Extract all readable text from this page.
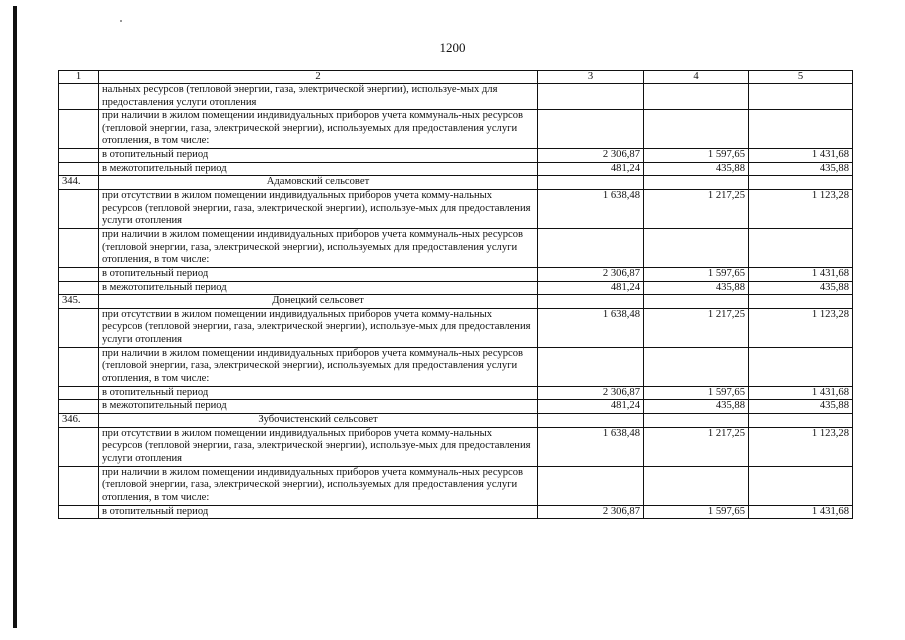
1200
1	2	3	4	5
	нальных ресурсов (тепловой энергии, газа, электрической энергии), используе-мых для предоставления услуги отопления			
	при наличии в жилом помещении индивидуальных приборов учета коммуналь-ных ресурсов (тепловой энергии, газа, электрической энергии), используемых для предоставления услуги отопления, в том числе:			
	в отопительный период	2 306,87	1 597,65	1 431,68
	в межотопительный период	481,24	435,88	435,88
344.	Адамовский сельсовет			
	при отсутствии в жилом помещении индивидуальных приборов учета комму-нальных ресурсов (тепловой энергии, газа, электрической энергии), используе-мых для предоставления услуги отопления	1 638,48	1 217,25	1 123,28
	при наличии в жилом помещении индивидуальных приборов учета коммуналь-ных ресурсов (тепловой энергии, газа, электрической энергии), используемых для предоставления услуги отопления, в том числе:			
	в отопительный период	2 306,87	1 597,65	1 431,68
	в межотопительный период	481,24	435,88	435,88
345.	Донецкий сельсовет			
	при отсутствии в жилом помещении индивидуальных приборов учета комму-нальных ресурсов (тепловой энергии, газа, электрической энергии), используе-мых для предоставления услуги отопления	1 638,48	1 217,25	1 123,28
	при наличии в жилом помещении индивидуальных приборов учета коммуналь-ных ресурсов (тепловой энергии, газа, электрической энергии), используемых для предоставления услуги отопления, в том числе:			
	в отопительный период	2 306,87	1 597,65	1 431,68
	в межотопительный период	481,24	435,88	435,88
346.	Зубочистенский сельсовет			
	при отсутствии в жилом помещении индивидуальных приборов учета комму-нальных ресурсов (тепловой энергии, газа, электрической энергии), используе-мых для предоставления услуги отопления	1 638,48	1 217,25	1 123,28
	при наличии в жилом помещении индивидуальных приборов учета коммуналь-ных ресурсов (тепловой энергии, газа, электрической энергии), используемых для предоставления услуги отопления, в том числе:			
	в отопительный период	2 306,87	1 597,65	1 431,68
